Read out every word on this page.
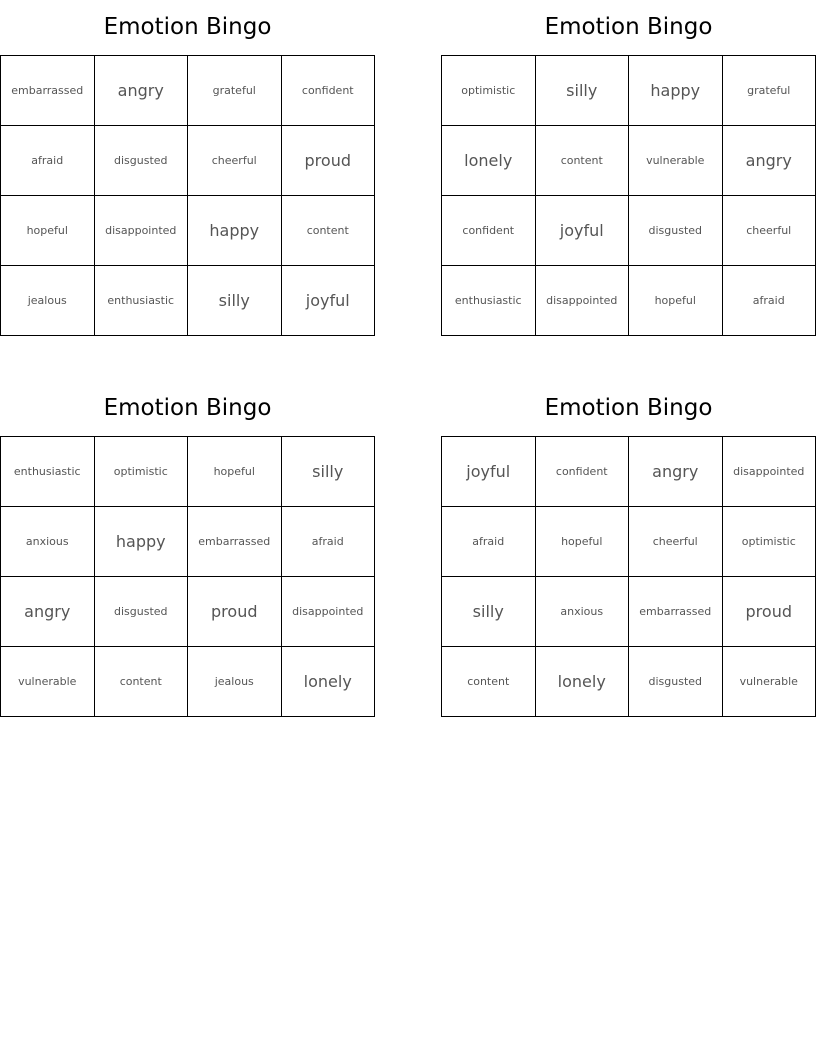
Emotion Bingo
embarrassed	angry	grateful	confident
afraid	disgusted	cheerful	proud
hopeful	disappointed	happy	content
jealous	enthusiastic	silly	joyful
Emotion Bingo
optimistic	silly	happy	grateful
lonely	content	vulnerable	angry
confident	joyful	disgusted	cheerful
enthusiastic	disappointed	hopeful	afraid
Emotion Bingo
enthusiastic	optimistic	hopeful	silly
anxious	happy	embarrassed	afraid
angry	disgusted	proud	disappointed
vulnerable	content	jealous	lonely
Emotion Bingo
joyful	confident	angry	disappointed
afraid	hopeful	cheerful	optimistic
silly	anxious	embarrassed	proud
content	lonely	disgusted	vulnerable
